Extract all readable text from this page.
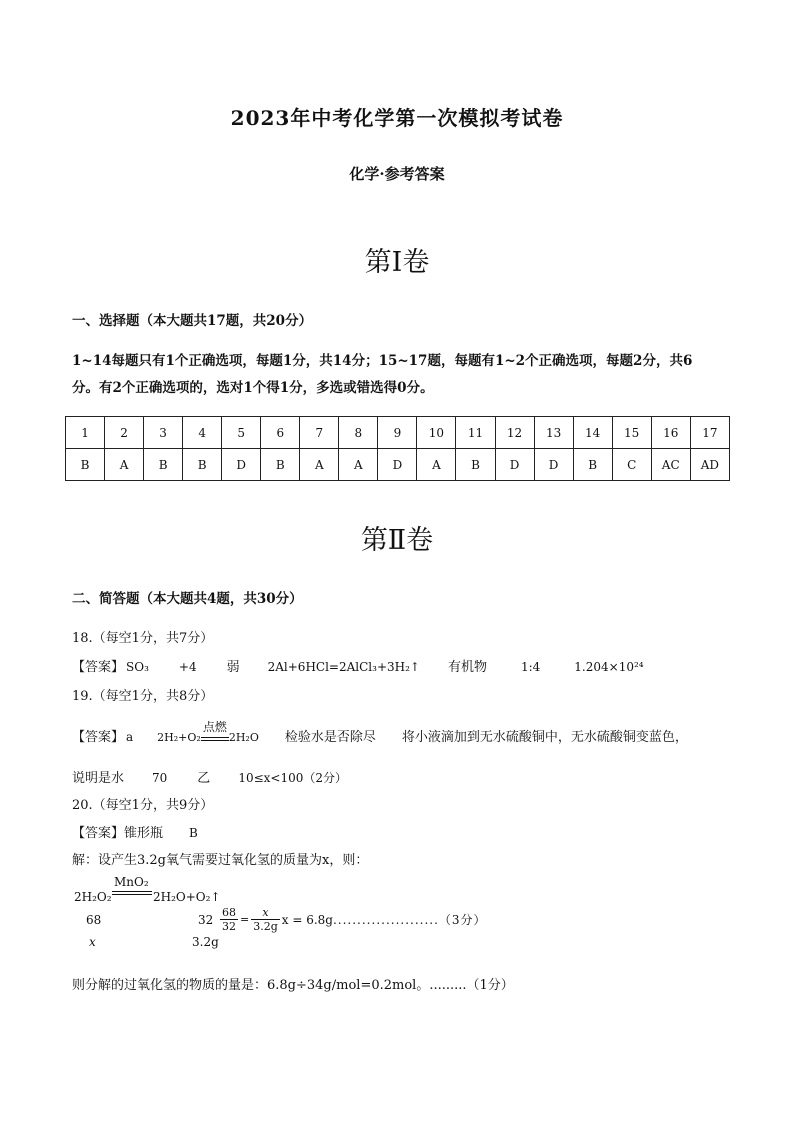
2023年中考化学第一次模拟考试卷
化学·参考答案
第Ⅰ卷
一、选择题（本大题共17题，共20分）
1~14每题只有1个正确选项，每题1分，共14分；15~17题，每题有1~2个正确选项，每题2分，共6
分。有2个正确选项的，选对1个得1分，多选或错选得0分。
1	2	3	4	5	6	7	8	9	10	11	12	13	14	15	16	17
B	A	B	B	D	B	A	A	D	A	B	D	D	B	C	AC	AD
第Ⅱ卷
二、简答题（本大题共4题，共30分）
18.（每空1分，共7分）
【答案】 SO₃	+4 弱 2Al+6HCl=2AlCl₃+3H₂↑ 有机物	1:4	1.204×10²⁴
19.（每空1分，共8分）
【答案】 a 2H₂+O₂
点燃
2H₂O 检验水是否除尽 将小液滴加到无水硫酸铜中，无水硫酸铜变蓝色，
说明是水 70 乙 10≤x<100（2分）
20.（每空1分，共9分）
【答案】锥形瓶 B
解：设产生3.2g氧气需要过氧化氢的质量为x，则：
MnO₂
2H₂O₂	2H₂O+O₂↑
68	32
x	3.2g
$\frac{68}{32} = \frac{x}{3.2g}$ x = 6.8g......................（3分）
则分解的过氧化氢的物质的量是：6.8g÷34g/mol=0.2mol。.........（1分）
